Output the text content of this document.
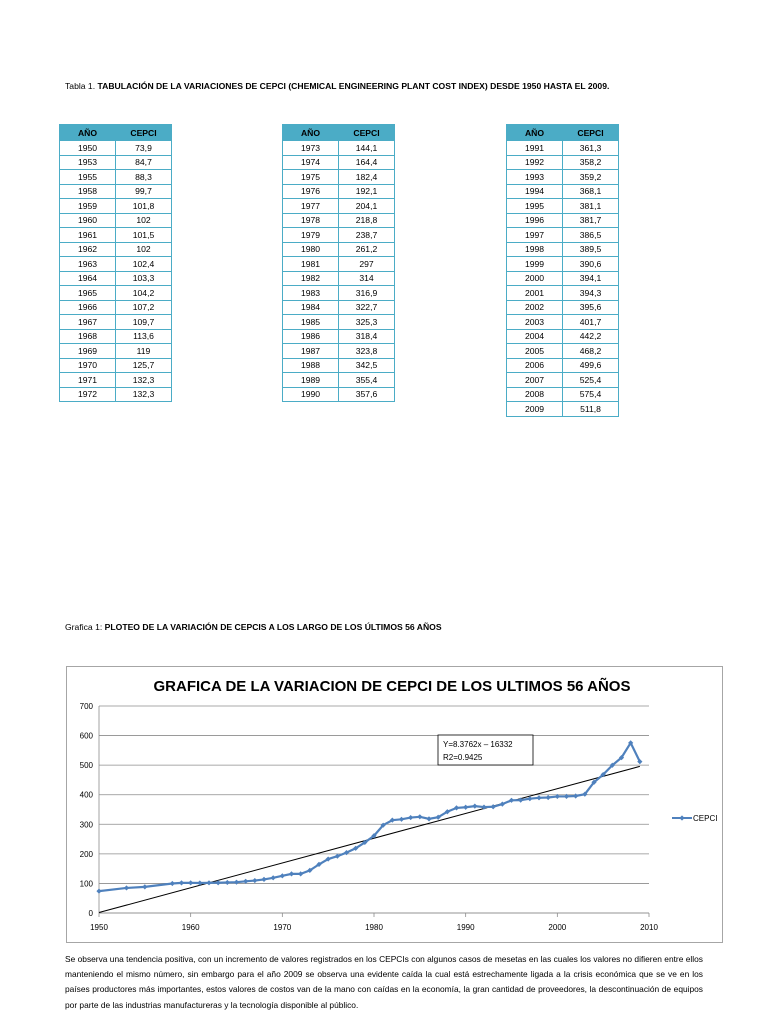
Tabla 1. TABULACIÓN DE LA VARIACIONES DE CEPCI (CHEMICAL ENGINEERING PLANT COST INDEX) DESDE 1950 HASTA EL 2009.
AÑO	CEPCI
1950	73,9
1953	84,7
1955	88,3
1958	99,7
1959	101,8
1960	102
1961	101,5
1962	102
1963	102,4
1964	103,3
1965	104,2
1966	107,2
1967	109,7
1968	113,6
1969	119
1970	125,7
1971	132,3
1972	132,3
AÑO	CEPCI
1973	144,1
1974	164,4
1975	182,4
1976	192,1
1977	204,1
1978	218,8
1979	238,7
1980	261,2
1981	297
1982	314
1983	316,9
1984	322,7
1985	325,3
1986	318,4
1987	323,8
1988	342,5
1989	355,4
1990	357,6
AÑO	CEPCI
1991	361,3
1992	358,2
1993	359,2
1994	368,1
1995	381,1
1996	381,7
1997	386,5
1998	389,5
1999	390,6
2000	394,1
2001	394,3
2002	395,6
2003	401,7
2004	442,2
2005	468,2
2006	499,6
2007	525,4
2008	575,4
2009	511,8
Grafica 1: PLOTEO DE LA VARIACIÓN DE CEPCIS A LOS LARGO DE LOS ÚLTIMOS 56 AÑOS
GRAFICA DE LA VARIACION DE CEPCI DE LOS ULTIMOS 56 AÑOS
0
100
200
300
400
500
600
700
1950	1960	1970	1980	1990	2000	2010
Y=8.3762x – 16332
R2=0.9425
CEPCI
Se observa una tendencia positiva, con un incremento de valores registrados en los CEPCIs con algunos casos de mesetas en las cuales los valores no difieren entre ellos manteniendo el mismo número, sin embargo para el año 2009 se observa una evidente caída la cual está estrechamente ligada a la crisis económica que se ve en los países productores más importantes, estos valores de costos van de la mano con caídas en la economía, la gran cantidad de proveedores, la descontinuación de equipos por parte de las industrias manufactureras y la tecnología disponible al público.
